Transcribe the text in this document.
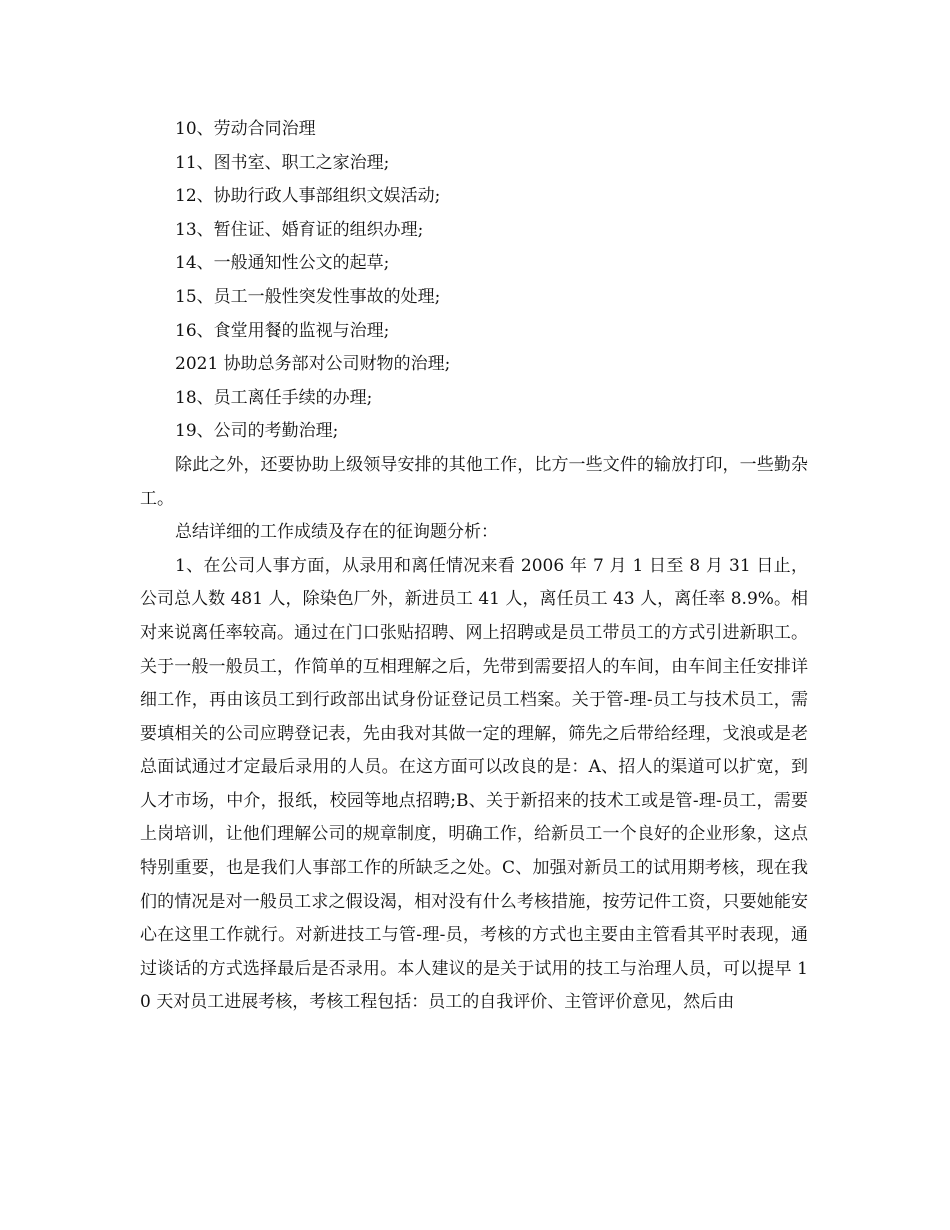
10、劳动合同治理

11、图书室、职工之家治理;

12、协助行政人事部组织文娱活动;

13、暂住证、婚育证的组织办理;

14、一般通知性公文的起草;

15、员工一般性突发性事故的处理;

16、食堂用餐的监视与治理;

2021 协助总务部对公司财物的治理;

18、员工离任手续的办理;

19、公司的考勤治理;

除此之外，还要协助上级领导安排的其他工作，比方一些文件的输放打印，一些勤杂工。

总结详细的工作成绩及存在的征询题分析：

1、在公司人事方面，从录用和离任情况来看 2006 年 7 月 1 日至 8 月 31 日止，公司总人数 481 人，除染色厂外，新进员工 41 人，离任员工 43 人，离任率 8.9%。相对来说离任率较高。通过在门口张贴招聘、网上招聘或是员工带员工的方式引进新职工。关于一般一般员工，作简单的互相理解之后，先带到需要招人的车间，由车间主任安排详细工作，再由该员工到行政部出试身份证登记员工档案。关于管-理-员工与技术员工，需要填相关的公司应聘登记表，先由我对其做一定的理解，筛先之后带给经理，戈浪或是老总面试通过才定最后录用的人员。在这方面可以改良的是：A、招人的渠道可以扩宽，到人才市场，中介，报纸，校园等地点招聘;B、关于新招来的技术工或是管-理-员工，需要上岗培训，让他们理解公司的规章制度，明确工作，给新员工一个良好的企业形象，这点特别重要，也是我们人事部工作的所缺乏之处。C、加强对新员工的试用期考核，现在我们的情况是对一般员工求之假设渴，相对没有什么考核措施，按劳记件工资，只要她能安心在这里工作就行。对新进技工与管-理-员，考核的方式也主要由主管看其平时表现，通过谈话的方式选择最后是否录用。本人建议的是关于试用的技工与治理人员，可以提早 10 天对员工进展考核，考核工程包括：员工的自我评价、主管评价意见，然后由
